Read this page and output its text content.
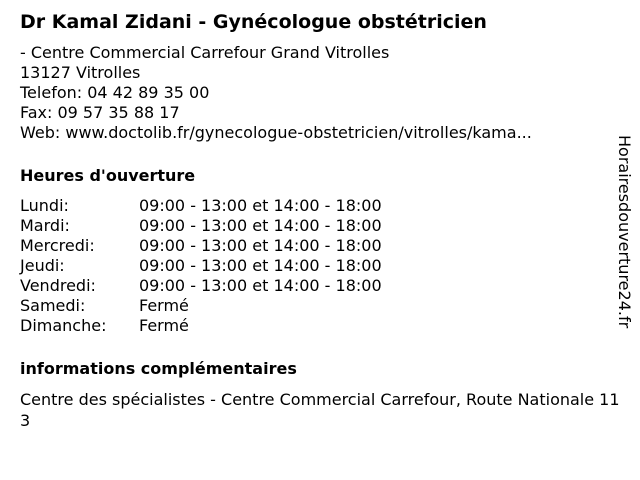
Dr Kamal Zidani - Gynécologue obstétricien
- Centre Commercial Carrefour Grand Vitrolles
13127 Vitrolles
Telefon: 04 42 89 35 00
Fax: 09 57 35 88 17
Web: www.doctolib.fr/gynecologue-obstetricien/vitrolles/kama...
Heures d'ouverture
Lundi:	09:00 - 13:00 et 14:00 - 18:00
Mardi:	09:00 - 13:00 et 14:00 - 18:00
Mercredi:	09:00 - 13:00 et 14:00 - 18:00
Jeudi:	09:00 - 13:00 et 14:00 - 18:00
Vendredi:	09:00 - 13:00 et 14:00 - 18:00
Samedi:	Fermé
Dimanche:	Fermé
informations complémentaires
Centre des spécialistes - Centre Commercial Carrefour, Route Nationale 113
Horairesdouverture24.fr
